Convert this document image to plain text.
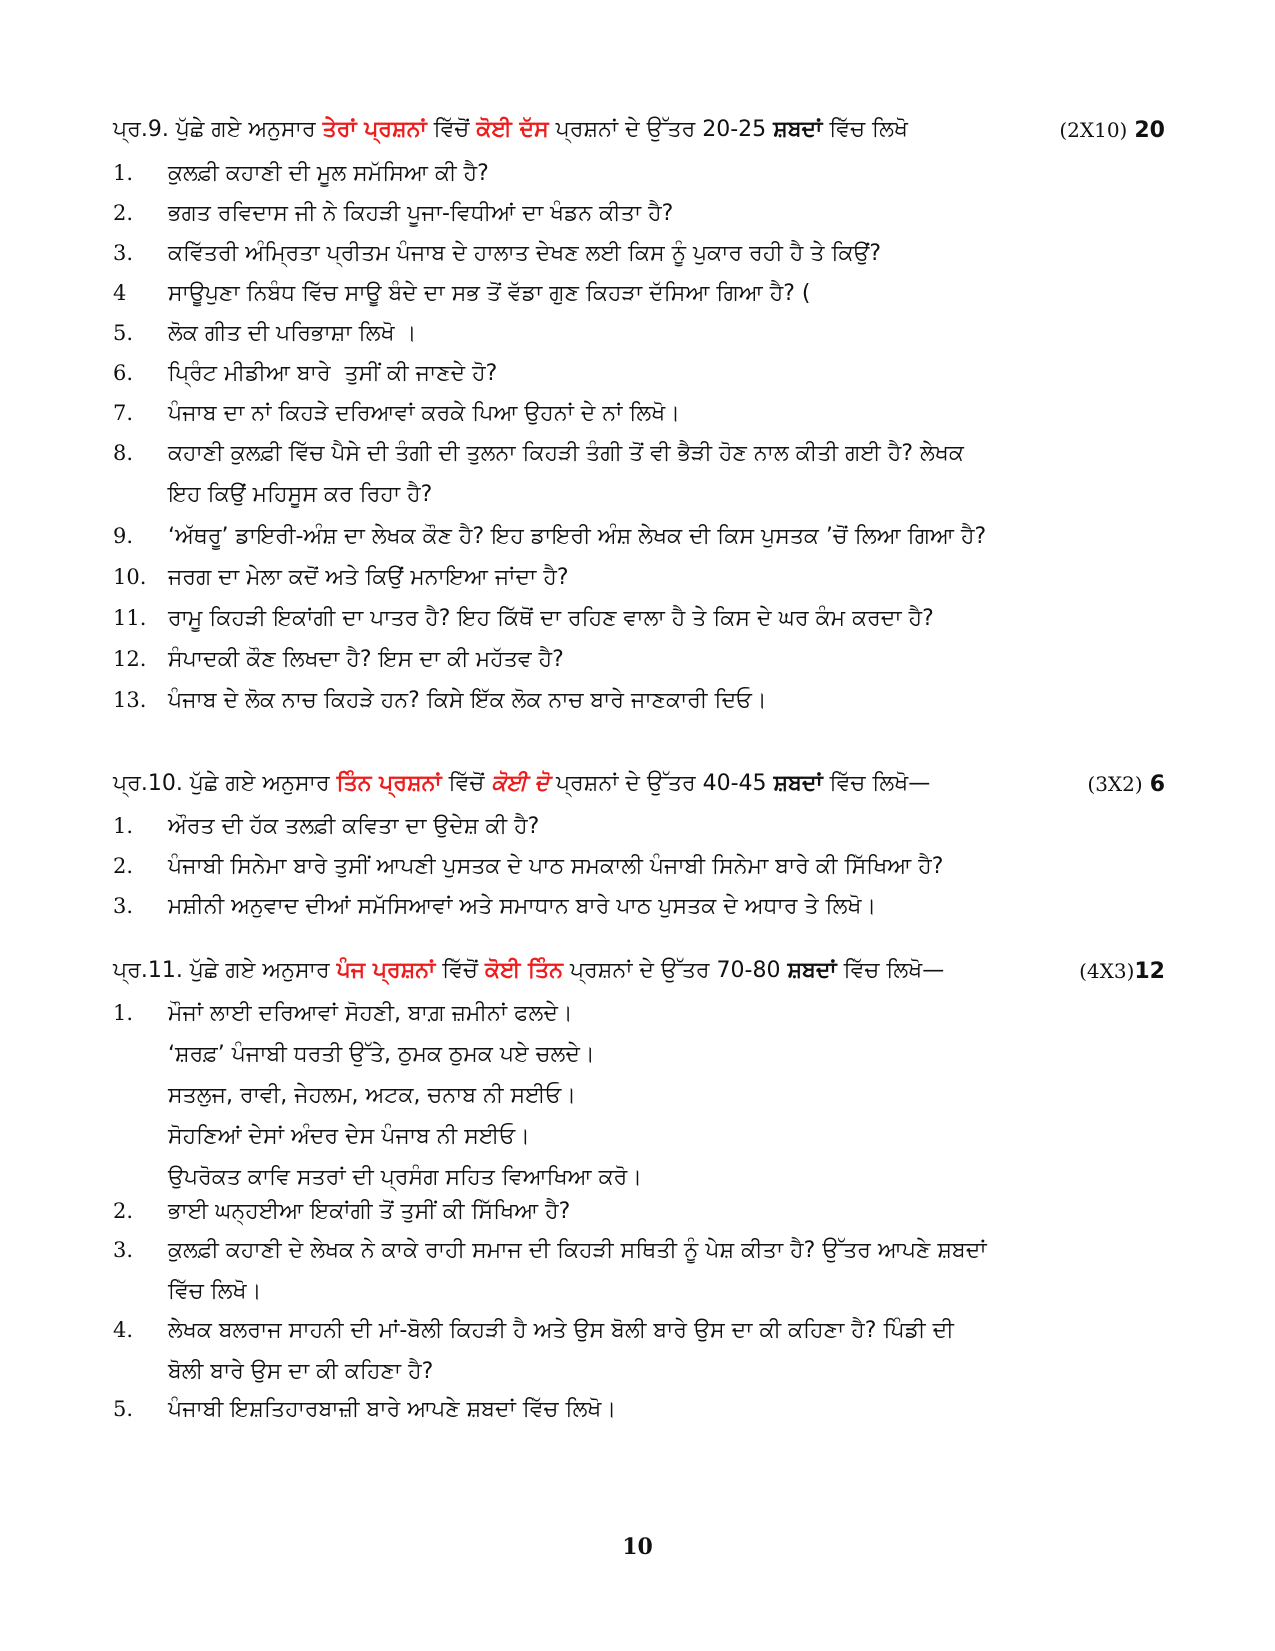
ਪ੍ਰ.9. ਪੁੱਛੇ ਗਏ ਅਨੁਸਾਰ ਤੇਰਾਂ ਪ੍ਰਸ਼ਨਾਂ ਵਿੱਚੋਂ ਕੋਈ ਦੱਸ ਪ੍ਰਸ਼ਨਾਂ ਦੇ ਉੱਤਰ 20-25 ਸ਼ਬਦਾਂ ਵਿੱਚ ਲਿਖੋ	(2X10) 20
1.	ਕੁਲਫ਼ੀ ਕਹਾਣੀ ਦੀ ਮੂਲ ਸਮੱਸਿਆ ਕੀ ਹੈ?
2.	ਭਗਤ ਰਵਿਦਾਸ ਜੀ ਨੇ ਕਿਹੜੀ ਪੂਜਾ-ਵਿਧੀਆਂ ਦਾ ਖੰਡਨ ਕੀਤਾ ਹੈ?
3.	ਕਵਿੱਤਰੀ ਅੰਮ੍ਰਿਤਾ ਪ੍ਰੀਤਮ ਪੰਜਾਬ ਦੇ ਹਾਲਾਤ ਦੇਖਣ ਲਈ ਕਿਸ ਨੂੰ ਪੁਕਾਰ ਰਹੀ ਹੈ ਤੇ ਕਿਉਂ?
4	ਸਾਊਪੁਣਾ ਨਿਬੰਧ ਵਿੱਚ ਸਾਊ ਬੰਦੇ ਦਾ ਸਭ ਤੋਂ ਵੱਡਾ ਗੁਣ ਕਿਹੜਾ ਦੱਸਿਆ ਗਿਆ ਹੈ? (
5.	ਲੋਕ ਗੀਤ ਦੀ ਪਰਿਭਾਸ਼ਾ ਲਿਖੋ ।
6.	ਪ੍ਰਿੰਟ ਮੀਡੀਆ ਬਾਰੇ  ਤੁਸੀਂ ਕੀ ਜਾਣਦੇ ਹੋ?
7.	ਪੰਜਾਬ ਦਾ ਨਾਂ ਕਿਹੜੇ ਦਰਿਆਵਾਂ ਕਰਕੇ ਪਿਆ ਉਹਨਾਂ ਦੇ ਨਾਂ ਲਿਖੋ।
8.	ਕਹਾਣੀ ਕੁਲਫ਼ੀ ਵਿੱਚ ਪੈਸੇ ਦੀ ਤੰਗੀ ਦੀ ਤੁਲਨਾ ਕਿਹੜੀ ਤੰਗੀ ਤੋਂ ਵੀ ਭੈੜੀ ਹੋਣ ਨਾਲ ਕੀਤੀ ਗਈ ਹੈ? ਲੇਖਕ
ਇਹ ਕਿਉਂ ਮਹਿਸੂਸ ਕਰ ਰਿਹਾ ਹੈ?
9.	‘ਅੱਥਰੂ’ ਡਾਇਰੀ-ਅੰਸ਼ ਦਾ ਲੇਖਕ ਕੌਣ ਹੈ? ਇਹ ਡਾਇਰੀ ਅੰਸ਼ ਲੇਖਕ ਦੀ ਕਿਸ ਪੁਸਤਕ ’ਚੋਂ ਲਿਆ ਗਿਆ ਹੈ?
10. ਜਰਗ ਦਾ ਮੇਲਾ ਕਦੋਂ ਅਤੇ ਕਿਉਂ ਮਨਾਇਆ ਜਾਂਦਾ ਹੈ?
11. ਰਾਮੂ ਕਿਹੜੀ ਇਕਾਂਗੀ ਦਾ ਪਾਤਰ ਹੈ? ਇਹ ਕਿੱਥੋਂ ਦਾ ਰਹਿਣ ਵਾਲਾ ਹੈ ਤੇ ਕਿਸ ਦੇ ਘਰ ਕੰਮ ਕਰਦਾ ਹੈ?
12. ਸੰਪਾਦਕੀ ਕੌਣ ਲਿਖਦਾ ਹੈ? ਇਸ ਦਾ ਕੀ ਮਹੱਤਵ ਹੈ?
13. ਪੰਜਾਬ ਦੇ ਲੋਕ ਨਾਚ ਕਿਹੜੇ ਹਨ? ਕਿਸੇ ਇੱਕ ਲੋਕ ਨਾਚ ਬਾਰੇ ਜਾਣਕਾਰੀ ਦਿਓ।
ਪ੍ਰ.10. ਪੁੱਛੇ ਗਏ ਅਨੁਸਾਰ ਤਿੰਨ ਪ੍ਰਸ਼ਨਾਂ ਵਿੱਚੋਂ ਕੋਈ ਦੋ ਪ੍ਰਸ਼ਨਾਂ ਦੇ ਉੱਤਰ 40-45 ਸ਼ਬਦਾਂ ਵਿੱਚ ਲਿਖੋ—	(3X2) 6
1.	ਔਰਤ ਦੀ ਹੱਕ ਤਲਫ਼ੀ ਕਵਿਤਾ ਦਾ ਉਦੇਸ਼ ਕੀ ਹੈ?
2.	ਪੰਜਾਬੀ ਸਿਨੇਮਾ ਬਾਰੇ ਤੁਸੀਂ ਆਪਣੀ ਪੁਸਤਕ ਦੇ ਪਾਠ ਸਮਕਾਲੀ ਪੰਜਾਬੀ ਸਿਨੇਮਾ ਬਾਰੇ ਕੀ ਸਿੱਖਿਆ ਹੈ?
3.	ਮਸ਼ੀਨੀ ਅਨੁਵਾਦ ਦੀਆਂ ਸਮੱਸਿਆਵਾਂ ਅਤੇ ਸਮਾਧਾਨ ਬਾਰੇ ਪਾਠ ਪੁਸਤਕ ਦੇ ਅਧਾਰ ਤੇ ਲਿਖੋ।
ਪ੍ਰ.11. ਪੁੱਛੇ ਗਏ ਅਨੁਸਾਰ ਪੰਜ ਪ੍ਰਸ਼ਨਾਂ ਵਿੱਚੋਂ ਕੋਈ ਤਿੰਨ ਪ੍ਰਸ਼ਨਾਂ ਦੇ ਉੱਤਰ 70-80 ਸ਼ਬਦਾਂ ਵਿੱਚ ਲਿਖੋ—	(4X3)12
1.	ਮੌਜਾਂ ਲਾਈ ਦਰਿਆਵਾਂ ਸੋਹਣੀ, ਬਾਗ਼ ਜ਼ਮੀਨਾਂ ਫਲਦੇ।
‘ਸ਼ਰਫ਼’ ਪੰਜਾਬੀ ਧਰਤੀ ਉੱਤੇ, ਠੁਮਕ ਠੁਮਕ ਪਏ ਚਲਦੇ।
ਸਤਲੁਜ, ਰਾਵੀ, ਜੇਹਲਮ, ਅਟਕ, ਚਨਾਬ ਨੀ ਸਈਓ।
ਸੋਹਣਿਆਂ ਦੇਸਾਂ ਅੰਦਰ ਦੇਸ ਪੰਜਾਬ ਨੀ ਸਈਓ।
ਉਪਰੋਕਤ ਕਾਵਿ ਸਤਰਾਂ ਦੀ ਪ੍ਰਸੰਗ ਸਹਿਤ ਵਿਆਖਿਆ ਕਰੋ।
2.	ਭਾਈ ਘਨ੍ਹਈਆ ਇਕਾਂਗੀ ਤੋਂ ਤੁਸੀਂ ਕੀ ਸਿੱਖਿਆ ਹੈ?
3.	ਕੁਲਫ਼ੀ ਕਹਾਣੀ ਦੇ ਲੇਖਕ ਨੇ ਕਾਕੇ ਰਾਹੀ ਸਮਾਜ ਦੀ ਕਿਹੜੀ ਸਥਿਤੀ ਨੂੰ ਪੇਸ਼ ਕੀਤਾ ਹੈ? ਉੱਤਰ ਆਪਣੇ ਸ਼ਬਦਾਂ
ਵਿੱਚ ਲਿਖੋ।
4.	ਲੇਖਕ ਬਲਰਾਜ ਸਾਹਨੀ ਦੀ ਮਾਂ-ਬੋਲੀ ਕਿਹੜੀ ਹੈ ਅਤੇ ਉਸ ਬੋਲੀ ਬਾਰੇ ਉਸ ਦਾ ਕੀ ਕਹਿਣਾ ਹੈ? ਪਿੰਡੀ ਦੀ
ਬੋਲੀ ਬਾਰੇ ਉਸ ਦਾ ਕੀ ਕਹਿਣਾ ਹੈ?
5.	ਪੰਜਾਬੀ ਇਸ਼ਤਿਹਾਰਬਾਜ਼ੀ ਬਾਰੇ ਆਪਣੇ ਸ਼ਬਦਾਂ ਵਿੱਚ ਲਿਖੋ।
10
